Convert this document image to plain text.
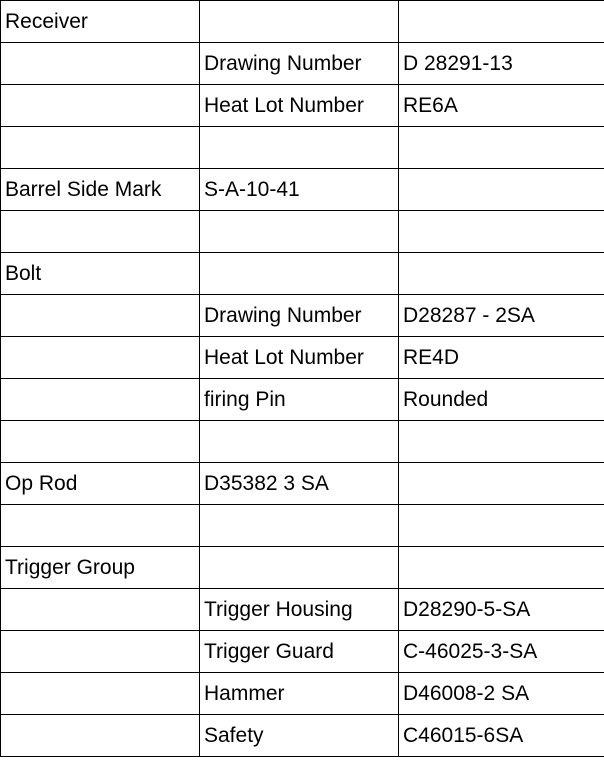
Receiver		

	Drawing Number	D 28291-13

	Heat Lot Number	RE6A

Barrel Side Mark	S-A-10-41	

Bolt		

	Drawing Number	D28287 - 2SA

	Heat Lot Number	RE4D

	firing Pin	Rounded

Op Rod	D35382 3 SA	

Trigger Group		

	Trigger Housing	D28290-5-SA

	Trigger Guard	C-46025-3-SA

	Hammer	D46008-2 SA

	Safety	C46015-6SA
